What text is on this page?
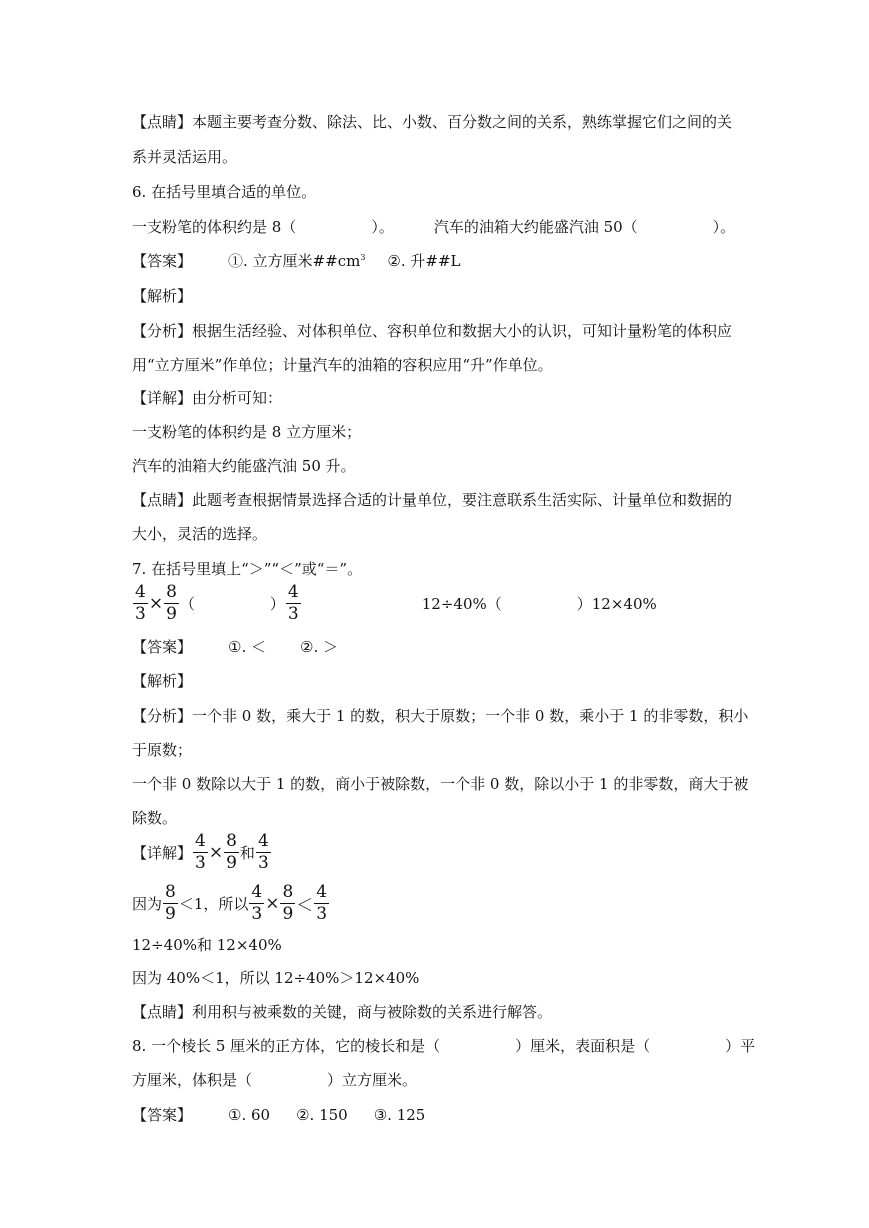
【点睛】本题主要考查分数、除法、比、小数、百分数之间的关系，熟练掌握它们之间的关
系并灵活运用。
6. 在括号里填合适的单位。
一支粉笔的体积约是 8（　　　　　）。	汽车的油箱大约能盛汽油 50（　　　　　）。
【答案】 ①. 立方厘米$\#\#cm^3$ ②. 升##L
【解析】
【分析】根据生活经验、对体积单位、容积单位和数据大小的认识，可知计量粉笔的体积应
用“立方厘米”作单位；计量汽车的油箱的容积应用“升”作单位。
【详解】由分析可知：
一支粉笔的体积约是 8 立方厘米；
汽车的油箱大约能盛汽油 50 升。
【点睛】此题考查根据情景选择合适的计量单位，要注意联系生活实际、计量单位和数据的
大小，灵活的选择。
7. 在括号里填上“＞”“＜”或“＝”。
$\frac{4}{3} \times \frac{8}{9}$ （　　　　　） $\frac{4}{3}$	12÷40%（　　　　　）12×40%
【答案】 ①. ＜ ②. ＞
【解析】
【分析】一个非 0 数，乘大于 1 的数，积大于原数；一个非 0 数，乘小于 1 的非零数，积小
于原数；
一个非 0 数除以大于 1 的数，商小于被除数，一个非 0 数，除以小于 1 的非零数，商大于被
除数。
【详解】 $\frac{4}{3} \times \frac{8}{9}$ 和 $\frac{4}{3}$
因为 $\frac{8}{9} <1$，所以 $\frac{4}{3} \times \frac{8}{9} < \frac{4}{3}$
12÷40%和 12×40%
因为 40%＜1，所以 12÷40%＞12×40%
【点睛】利用积与被乘数的关键，商与被除数的关系进行解答。
8. 一个棱长 5 厘米的正方体，它的棱长和是（　　　　　）厘米，表面积是（　　　　　）平
方厘米，体积是（　　　　　）立方厘米。
【答案】 ①. 60 ②. 150 ③. 125
